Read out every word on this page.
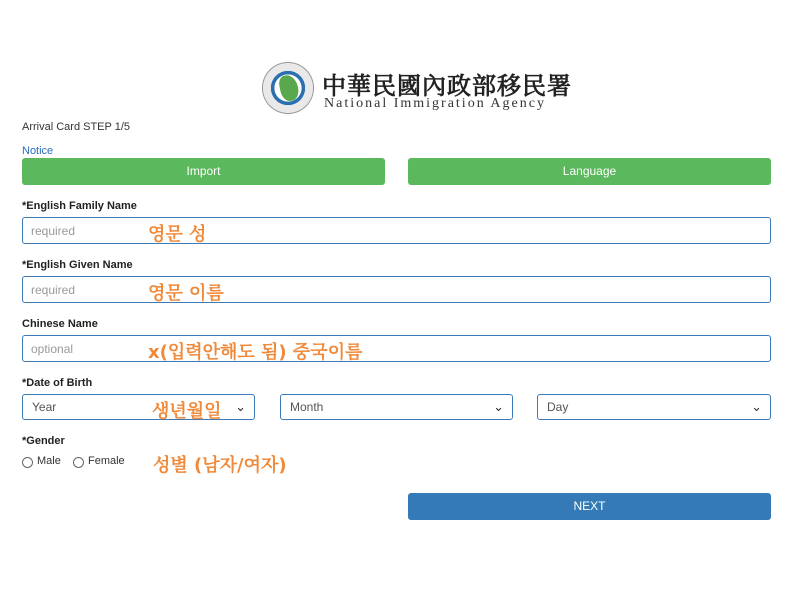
中華民國內政部移民署
National Immigration Agency
Arrival Card STEP 1/5
Notice
Import	Language
*English Family Name
required
영문 성
*English Given Name
required
영문 이름
Chinese Name
optional
x(입력안해도 됨) 중국이름
*Date of Birth
Year	⌄	Month	⌄	Day	⌄
생년월일
*Gender
Male Female 성별 (남자/여자)
NEXT
